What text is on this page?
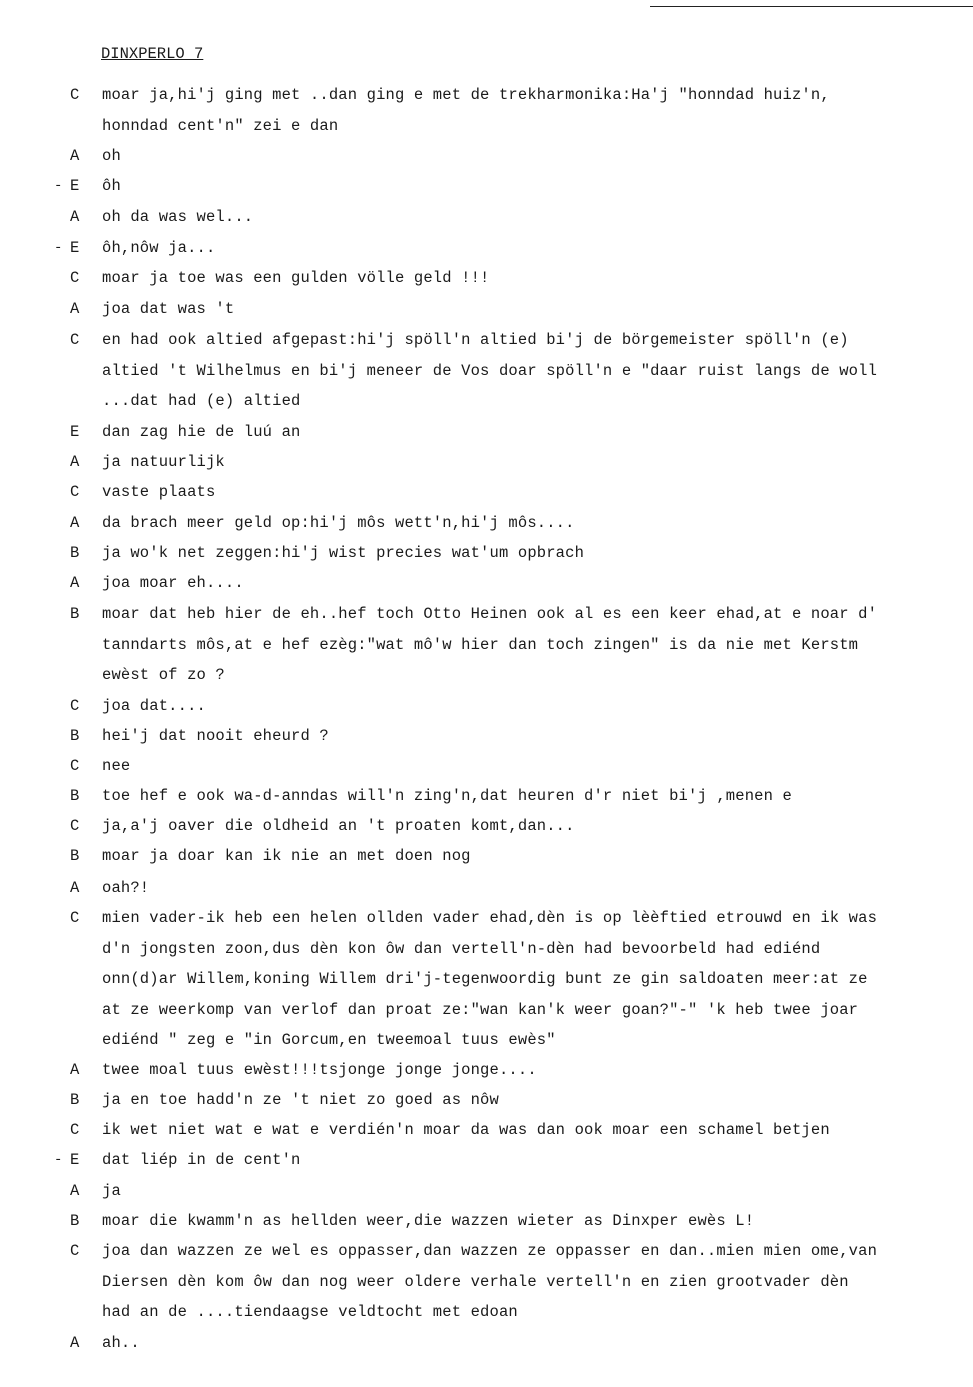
DINXPERLO 7
C	moar ja,hi'j ging met ..dan ging e met de trekharmonika:Ha'j "honndad huiz'n,
honndad cent'n" zei e dan
A	oh
- E	ôh
A	oh da was wel...
- E	ôh,nôw ja...
C	moar ja toe was een gulden völle geld !!!
A	joa dat was 't
C	en had ook altied afgepast:hi'j spöll'n altied bi'j de börgemeister spöll'n (e)
altied 't Wilhelmus en bi'j meneer de Vos doar spöll'n e "daar ruist langs de woll
...dat had (e) altied
E	dan zag hie de luú an
A	ja natuurlijk
C	vaste plaats
A	da brach meer geld op:hi'j môs wett'n,hi'j môs....
B	ja wo'k net zeggen:hi'j wist precies wat'um opbrach
A	joa moar eh....
B	moar dat heb hier de eh..hef toch Otto Heinen ook al es een keer ehad,at e noar d'
tanndarts môs,at e hef ezèg:"wat mô'w hier dan toch zingen" is da nie met Kerstm
ewèst of zo ?
C	joa dat....
B	hei'j dat nooit eheurd ?
C	nee
B	toe hef e ook wa-d-anndas will'n zing'n,dat heuren d'r niet bi'j ,menen e
C	ja,a'j oaver die oldheid an 't proaten komt,dan...
B	moar ja doar kan ik nie an met doen nog
A	oah?!
C	mien vader-ik heb een helen ollden vader ehad,dèn is op lèèftied etrouwd en ik was
d'n jongsten zoon,dus dèn kon ôw dan vertell'n-dèn had bevoorbeld had ediénd
onn(d)ar Willem,koning Willem dri'j-tegenwoordig bunt ze gin saldoaten meer:at ze
at ze weerkomp van verlof dan proat ze:"wan kan'k weer goan?"-" 'k heb twee joar
ediénd " zeg e "in Gorcum,en tweemoal tuus ewès"
A	twee moal tuus ewèst!!!tsjonge jonge jonge....
B	ja en toe hadd'n ze 't niet zo goed as nôw
C	ik wet niet wat e wat e verdién'n moar da was dan ook moar een schamel betjen
- E	dat liép in de cent'n
A	ja
B	moar die kwamm'n as hellden weer,die wazzen wieter as Dinxper ewès L!
C	joa dan wazzen ze wel es oppasser,dan wazzen ze oppasser en dan..mien mien ome,van
Diersen dèn kom ôw dan nog weer oldere verhale vertell'n en zien grootvader dèn
had an de ....tiendaagse veldtocht met edoan
A	ah..
